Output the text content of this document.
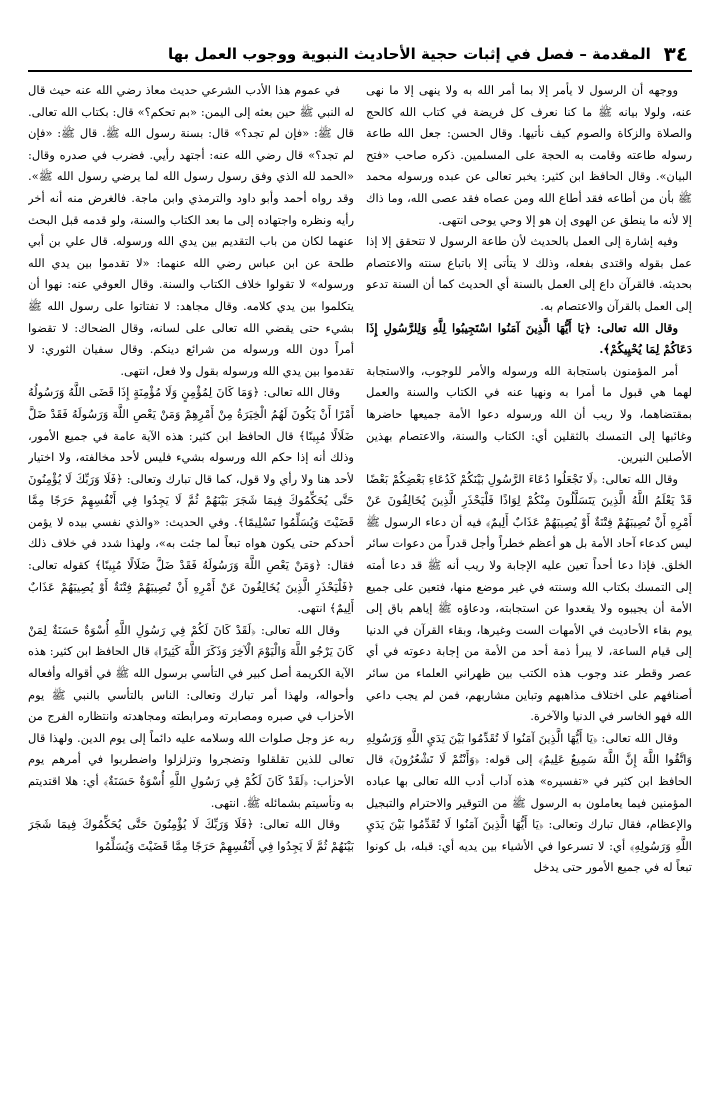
٣٤
المقدمة – فصل في إثبات حجية الأحاديث النبوية ووجوب العمل بها

ووجهه أن الرسول لا يأمر إلا بما أمر الله به ولا ينهى إلا ما نهى عنه، ولولا بيانه ﷺ ما كنا نعرف كل فريضة في كتاب الله كالحج والصلاة والزكاة والصوم كيف نأتيها. وقال الحسن: جعل الله طاعة رسوله طاعته وقامت به الحجة على المسلمين. ذكره صاحب «فتح البيان». وقال الحافظ ابن كثير: يخبر تعالى عن عبده ورسوله محمد ﷺ بأن من أطاعه فقد أطاع الله ومن عصاه فقد عصى الله، وما ذاك إلا لأنه ما ينطق عن الهوى إن هو إلا وحي يوحى انتهى.

وفيه إشارة إلى العمل بالحديث لأن طاعة الرسول لا تتحقق إلا إذا عمل بقوله واقتدى بفعله، وذلك لا يتأتى إلا باتباع سنته والاعتصام بحديثه. فالقرآن داع إلى العمل بالسنة أي الحديث كما أن السنة تدعو إلى العمل بالقرآن والاعتصام به.

وقال الله تعالى: ﴿يَا أَيُّهَا الَّذِينَ آمَنُوا اسْتَجِيبُوا لِلَّهِ وَلِلرَّسُولِ إِذَا دَعَاكُمْ لِمَا يُحْيِيكُمْ﴾.

أمر المؤمنون باستجابة الله ورسوله والأمر للوجوب، والاستجابة لهما هي قبول ما أمرا به ونهيا عنه في الكتاب والسنة والعمل بمقتضاهما، ولا ريب أن الله ورسوله دعوا الأمة جميعها حاضرها وغائبها إلى التمسك بالثقلين أي: الكتاب والسنة، والاعتصام بهذين الأصلين النيرين.

وقال الله تعالى: ﴿لَا تَجْعَلُوا دُعَاءَ الرَّسُولِ بَيْنَكُمْ كَدُعَاءِ بَعْضِكُمْ بَعْضًا قَدْ يَعْلَمُ اللَّهُ الَّذِينَ يَتَسَلَّلُونَ مِنْكُمْ لِوَاذًا فَلْيَحْذَرِ الَّذِينَ يُخَالِفُونَ عَنْ أَمْرِهِ أَنْ تُصِيبَهُمْ فِتْنَةٌ أَوْ يُصِيبَهُمْ عَذَابٌ أَلِيمٌ﴾ فيه أن دعاء الرسول ﷺ ليس كدعاء آحاد الأمة بل هو أعظم خطراً وأجل قدراً من دعوات سائر الخلق. فإذا دعا أحداً تعين عليه الإجابة ولا ريب أنه ﷺ قد دعا أمته إلى التمسك بكتاب الله وسنته في غير موضع منها، فتعين على جميع الأمة أن يجيبوه ولا يقعدوا عن استجابته، ودعاؤه ﷺ إياهم باق إلى يوم بقاء الأحاديث في الأمهات الست وغيرها، وبقاء القرآن في الدنيا إلى قيام الساعة، لا يبرأ ذمة أحد من الأمة من إجابة دعوته في أي عصر وقطر عند وجوب هذه الكتب بين ظهراني العلماء من سائر أصنافهم على اختلاف مذاهبهم وتباين مشاربهم، فمن لم يجب داعي الله فهو الخاسر في الدنيا والآخرة.

وقال الله تعالى: ﴿يَا أَيُّهَا الَّذِينَ آمَنُوا لَا تُقَدِّمُوا بَيْنَ يَدَيِ اللَّهِ وَرَسُولِهِ وَاتَّقُوا اللَّهَ إِنَّ اللَّهَ سَمِيعٌ عَلِيمٌ﴾ إلى قوله: ﴿وَأَنْتُمْ لَا تَشْعُرُونَ﴾ قال الحافظ ابن كثير في «تفسيره» هذه آداب أدب الله تعالى بها عباده المؤمنين فيما يعاملون به الرسول ﷺ من التوقير والاحترام والتبجيل والإعظام، فقال تبارك وتعالى: ﴿يَا أَيُّهَا الَّذِينَ آمَنُوا لَا تُقَدِّمُوا بَيْنَ يَدَيِ اللَّهِ وَرَسُولِهِ﴾ أي: لا تسرعوا في الأشياء بين يديه أي: قبله، بل كونوا تبعاً له في جميع الأمور حتى يدخل

في عموم هذا الأدب الشرعي حديث معاذ رضي الله عنه حيث قال له النبي ﷺ حين بعثه إلى اليمن: «بم تحكم؟» قال: بكتاب الله تعالى. قال ﷺ: «فإن لم تجد؟» قال: بسنة رسول الله ﷺ. قال ﷺ: «فإن لم تجد؟» قال رضي الله عنه: أجتهد رأيي. فضرب في صدره وقال: «الحمد لله الذي وفق رسول رسول الله لما يرضي رسول الله ﷺ». وقد رواه أحمد وأبو داود والترمذي وابن ماجة. فالغرض منه أنه أخر رأيه ونظره واجتهاده إلى ما بعد الكتاب والسنة، ولو قدمه قبل البحث عنهما لكان من باب التقديم بين يدي الله ورسوله. قال علي بن أبي طلحة عن ابن عباس رضي الله عنهما: «لا تقدموا بين يدي الله ورسوله» لا تقولوا خلاف الكتاب والسنة. وقال العوفي عنه: نهوا أن يتكلموا بين يدي كلامه. وقال مجاهد: لا تفتاتوا على رسول الله ﷺ بشيء حتى يقضي الله تعالى على لسانه، وقال الضحاك: لا تقضوا أمراً دون الله ورسوله من شرائع دينكم. وقال سفيان الثوري: لا تقدموا بين يدي الله ورسوله بقول ولا فعل، انتهى.

وقال الله تعالى: ﴿وَمَا كَانَ لِمُؤْمِنٍ وَلَا مُؤْمِنَةٍ إِذَا قَضَى اللَّهُ وَرَسُولُهُ أَمْرًا أَنْ يَكُونَ لَهُمُ الْخِيَرَةُ مِنْ أَمْرِهِمْ وَمَنْ يَعْصِ اللَّهَ وَرَسُولَهُ فَقَدْ ضَلَّ ضَلَالًا مُبِينًا﴾ قال الحافظ ابن كثير: هذه الآية عامة في جميع الأمور، وذلك أنه إذا حكم الله ورسوله بشيء فليس لأحد مخالفته، ولا اختيار لأحد هنا ولا رأي ولا قول، كما قال تبارك وتعالى: ﴿فَلَا وَرَبِّكَ لَا يُؤْمِنُونَ حَتَّى يُحَكِّمُوكَ فِيمَا شَجَرَ بَيْنَهُمْ ثُمَّ لَا يَجِدُوا فِي أَنْفُسِهِمْ حَرَجًا مِمَّا قَضَيْتَ وَيُسَلِّمُوا تَسْلِيمًا﴾. وفي الحديث: «والذي نفسي بيده لا يؤمن أحدكم حتى يكون هواه تبعاً لما جئت به»، ولهذا شدد في خلاف ذلك فقال: ﴿وَمَنْ يَعْصِ اللَّهَ وَرَسُولَهُ فَقَدْ ضَلَّ ضَلَالًا مُبِينًا﴾ كقوله تعالى: ﴿فَلْيَحْذَرِ الَّذِينَ يُخَالِفُونَ عَنْ أَمْرِهِ أَنْ تُصِيبَهُمْ فِتْنَةٌ أَوْ يُصِيبَهُمْ عَذَابٌ أَلِيمٌ﴾ انتهى.

وقال الله تعالى: ﴿لَقَدْ كَانَ لَكُمْ فِي رَسُولِ اللَّهِ أُسْوَةٌ حَسَنَةٌ لِمَنْ كَانَ يَرْجُو اللَّهَ وَالْيَوْمَ الْآخِرَ وَذَكَرَ اللَّهَ كَثِيرًا﴾ قال الحافظ ابن كثير: هذه الآية الكريمة أصل كبير في التأسي برسول الله ﷺ في أقواله وأفعاله وأحواله، ولهذا أمر تبارك وتعالى: الناس بالتأسي بالنبي ﷺ يوم الأحزاب في صبره ومصابرته ومرابطته ومجاهدته وانتظاره الفرج من ربه عز وجل صلوات الله وسلامه عليه دائماً إلى يوم الدين. ولهذا قال تعالى للذين تقلقلوا وتضجروا وتزلزلوا واضطربوا في أمرهم يوم الأحزاب: ﴿لَقَدْ كَانَ لَكُمْ فِي رَسُولِ اللَّهِ أُسْوَةٌ حَسَنَةٌ﴾ أي: هلا اقتديتم به وتأسيتم بشمائله ﷺ. انتهى.

وقال الله تعالى: ﴿فَلَا وَرَبِّكَ لَا يُؤْمِنُونَ حَتَّى يُحَكِّمُوكَ فِيمَا شَجَرَ بَيْنَهُمْ ثُمَّ لَا يَجِدُوا فِي أَنْفُسِهِمْ حَرَجًا مِمَّا قَضَيْتَ وَيُسَلِّمُوا
